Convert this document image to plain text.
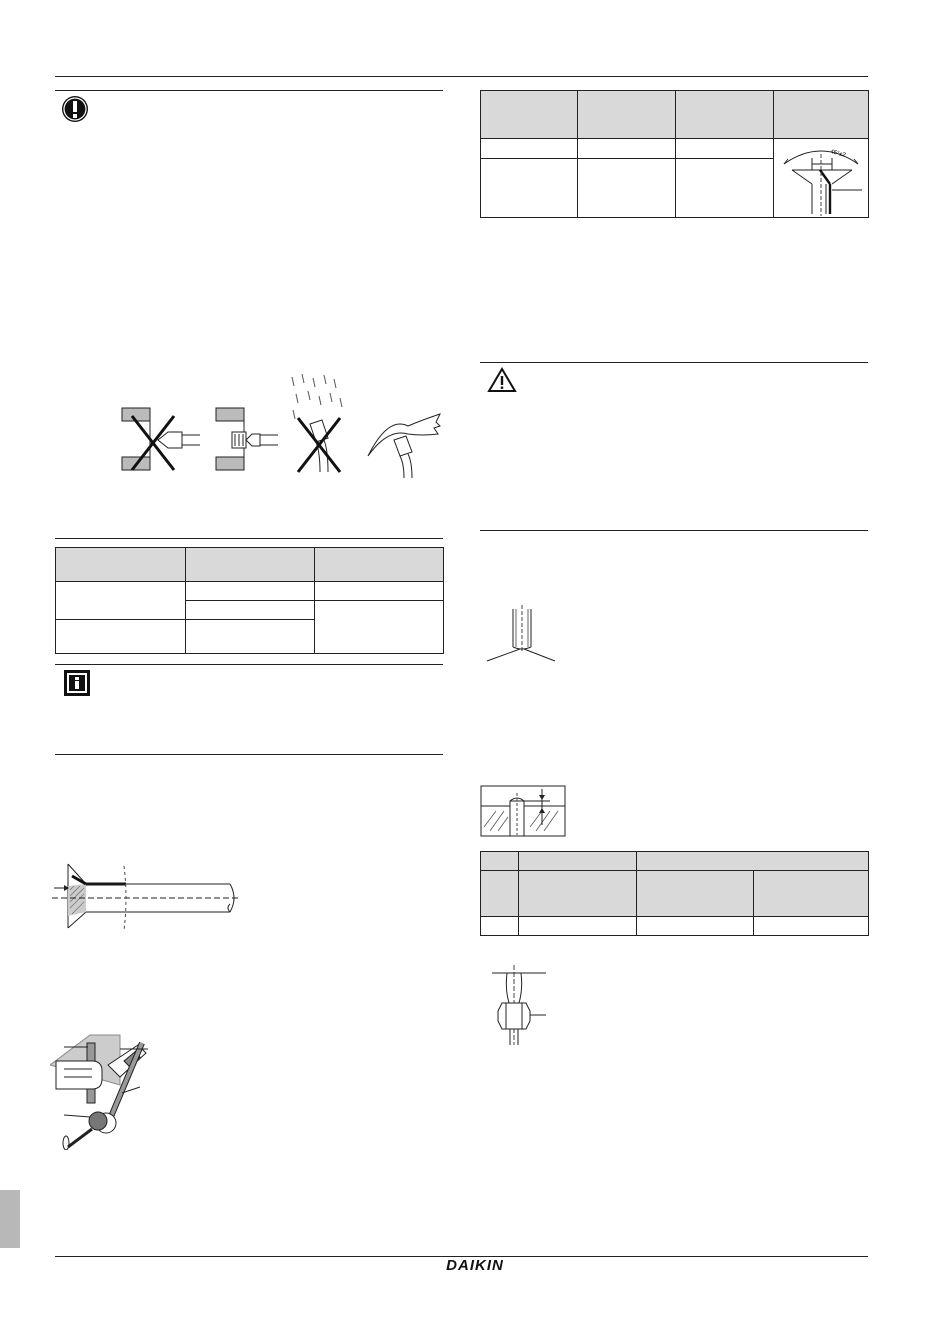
45°±2

DAIKIN
